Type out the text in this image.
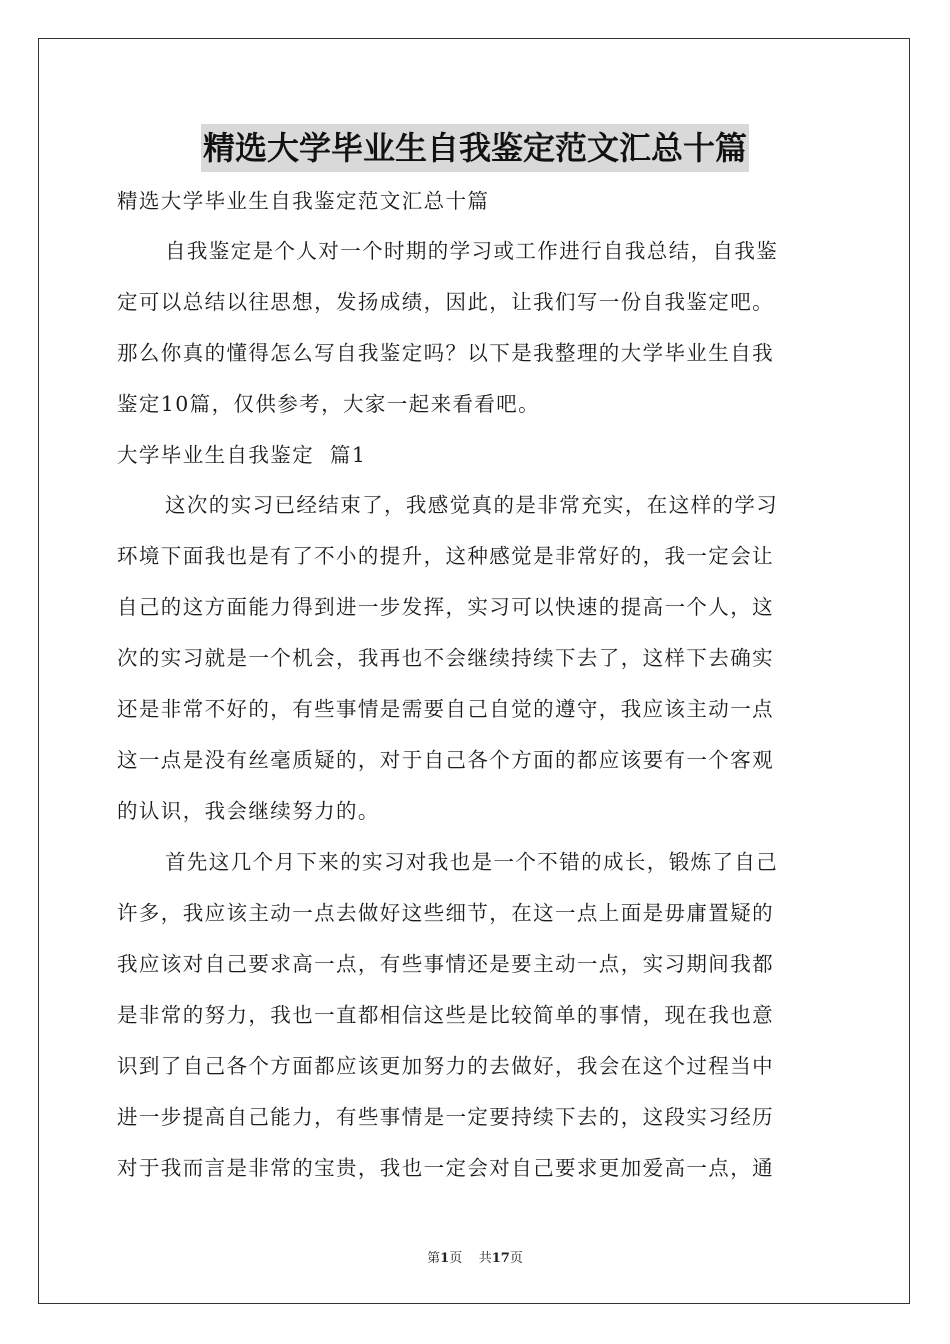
精选大学毕业生自我鉴定范文汇总十篇
精选大学毕业生自我鉴定范文汇总十篇
自我鉴定是个人对一个时期的学习或工作进行自我总结，自我鉴
定可以总结以往思想，发扬成绩，因此，让我们写一份自我鉴定吧。
那么你真的懂得怎么写自我鉴定吗？以下是我整理的大学毕业生自我
鉴定10篇，仅供参考，大家一起来看看吧。
大学毕业生自我鉴定  篇1
这次的实习已经结束了，我感觉真的是非常充实，在这样的学习
环境下面我也是有了不小的提升，这种感觉是非常好的，我一定会让
自己的这方面能力得到进一步发挥，实习可以快速的提高一个人，这
次的实习就是一个机会，我再也不会继续持续下去了，这样下去确实
还是非常不好的，有些事情是需要自己自觉的遵守，我应该主动一点
这一点是没有丝毫质疑的，对于自己各个方面的都应该要有一个客观
的认识，我会继续努力的。
首先这几个月下来的实习对我也是一个不错的成长，锻炼了自己
许多，我应该主动一点去做好这些细节，在这一点上面是毋庸置疑的
我应该对自己要求高一点，有些事情还是要主动一点，实习期间我都
是非常的努力，我也一直都相信这些是比较简单的事情，现在我也意
识到了自己各个方面都应该更加努力的去做好，我会在这个过程当中
进一步提高自己能力，有些事情是一定要持续下去的，这段实习经历
对于我而言是非常的宝贵，我也一定会对自己要求更加爱高一点，通
第1页 共17页
